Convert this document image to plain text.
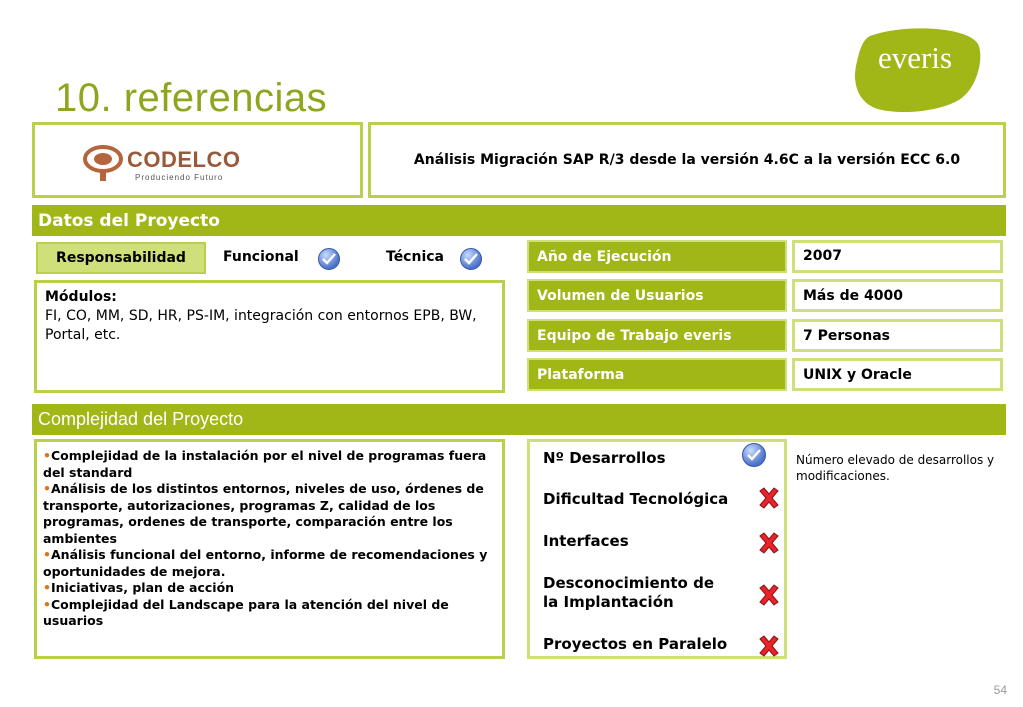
10. referencias
everis
CODELCO
Produciendo Futuro
Análisis Migración SAP R/3 desde la versión 4.6C a la versión ECC 6.0
Datos del Proyecto
Responsabilidad	Funcional	Técnica
Módulos:
FI, CO, MM, SD, HR, PS-IM, integración con entornos EPB, BW, Portal, etc.
Año de Ejecución	2007
Volumen de Usuarios	Más de 4000
Equipo de Trabajo everis	7 Personas
Plataforma	UNIX y Oracle
Complejidad del Proyecto
•Complejidad de la instalación por el nivel de programas fuera del standard
•Análisis de los distintos entornos, niveles de uso, órdenes de transporte, autorizaciones, programas Z, calidad de los programas, ordenes de transporte, comparación entre los ambientes
•Análisis funcional del entorno, informe de recomendaciones y oportunidades de mejora.
•Iniciativas, plan de acción
•Complejidad del Landscape para la atención del nivel de usuarios
Nº Desarrollos
Dificultad Tecnológica
Interfaces
Desconocimiento de la Implantación
Proyectos en Paralelo
Número elevado de desarrollos y modificaciones.
54
